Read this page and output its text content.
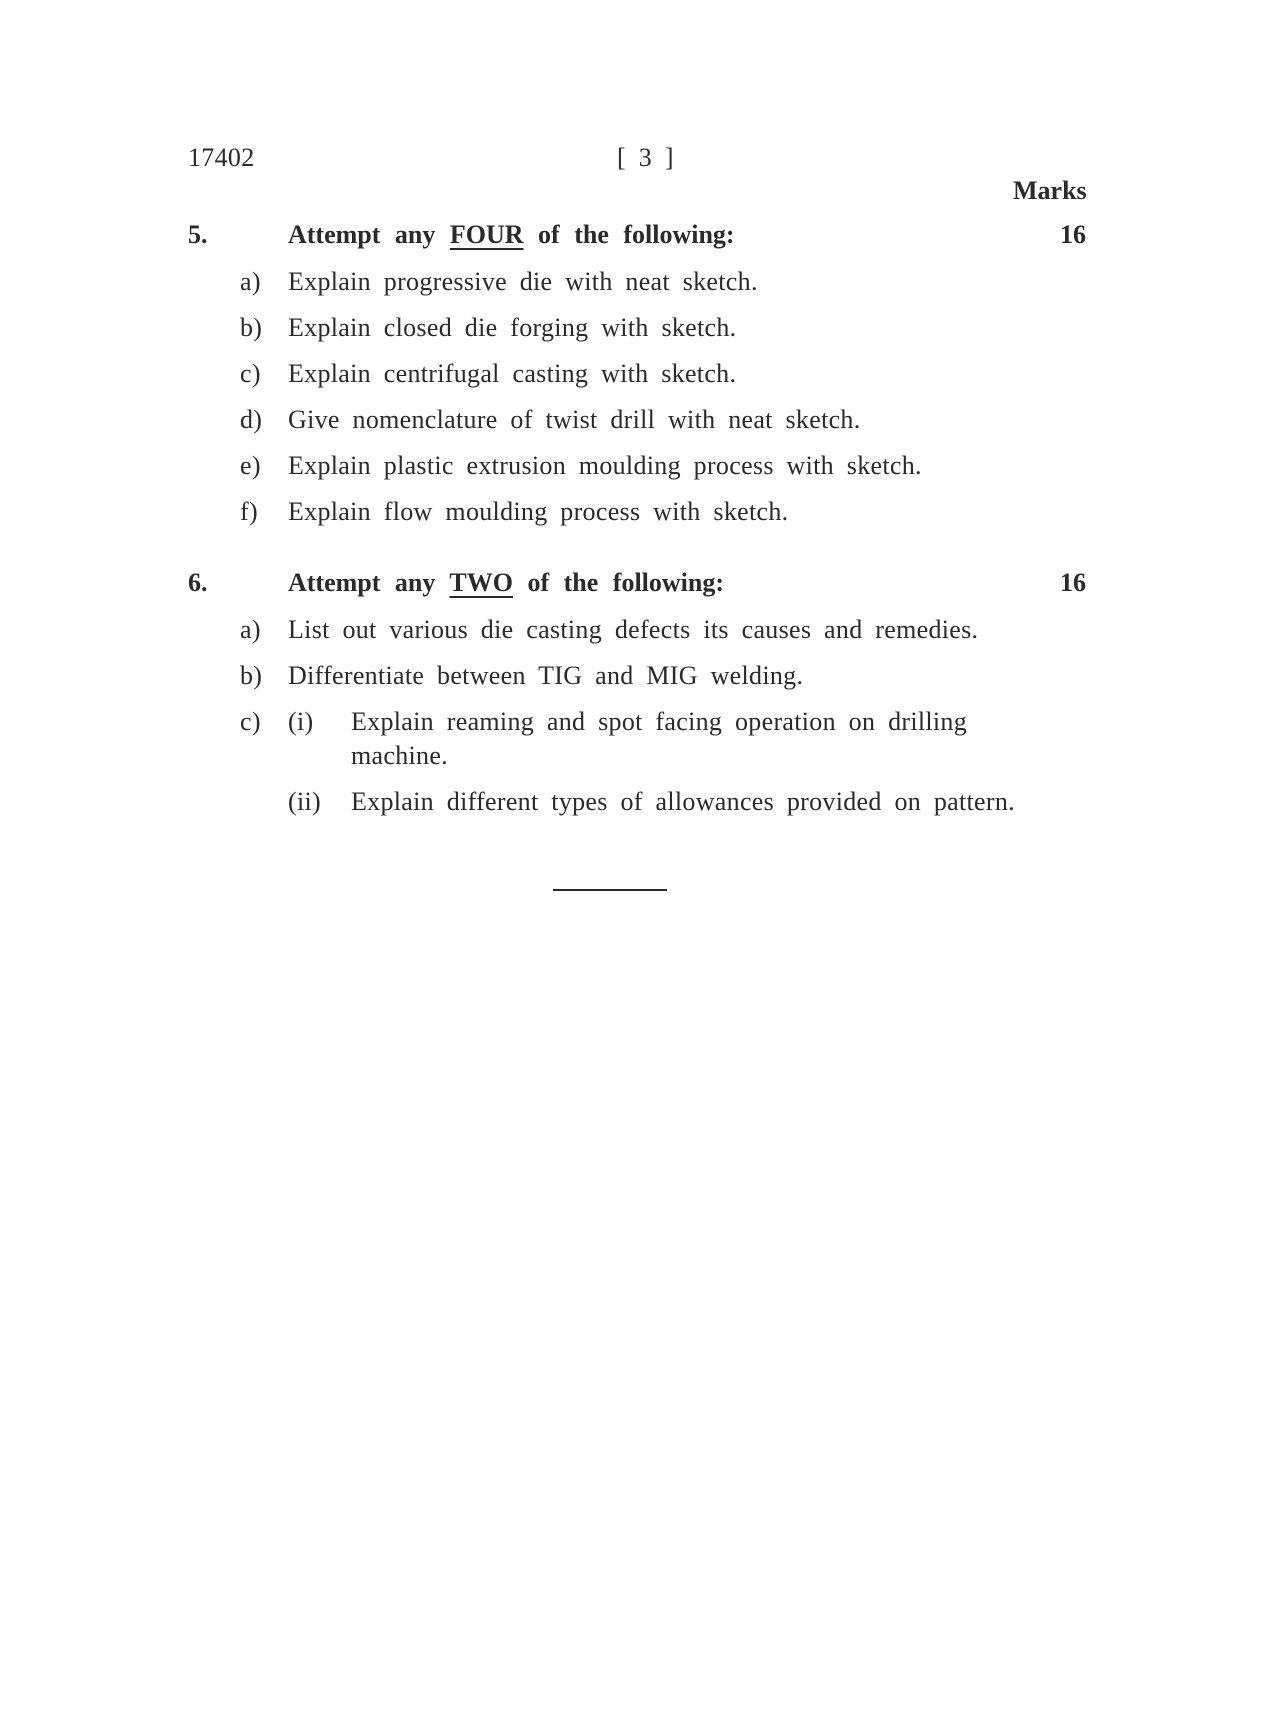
17402	[ 3 ]
Marks
5.	Attempt any FOUR of the following:	16
a) Explain progressive die with neat sketch.
b) Explain closed die forging with sketch.
c) Explain centrifugal casting with sketch.
d) Give nomenclature of twist drill with neat sketch.
e) Explain plastic extrusion moulding process with sketch.
f) Explain flow moulding process with sketch.
6.	Attempt any TWO of the following:	16
a) List out various die casting defects its causes and remedies.
b) Differentiate between TIG and MIG welding.
c) (i) Explain reaming and spot facing operation on drilling
machine.
(ii) Explain different types of allowances provided on pattern.
